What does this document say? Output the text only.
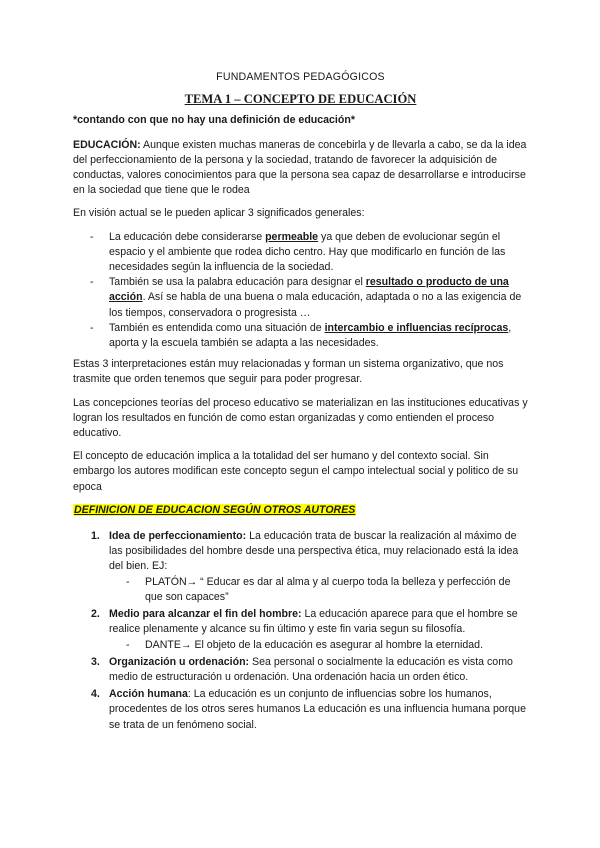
FUNDAMENTOS PEDAGÓGICOS
TEMA 1 – CONCEPTO DE EDUCACIÓN
*contando con que no hay una definición de educación*

EDUCACIÓN: Aunque existen muchas maneras de concebirla y de llevarla a cabo, se da la idea del perfeccionamiento de la persona y la sociedad, tratando de favorecer la adquisición de conductas, valores conocimientos para que la persona sea capaz de desarrollarse e introducirse en la sociedad que tiene que le rodea

En visión actual se le pueden aplicar 3 significados generales:

- La educación debe considerarse permeable ya que deben de evolucionar según el espacio y el ambiente que rodea dicho centro. Hay que modificarlo en función de las necesidades según la influencia de la sociedad.
- También se usa la palabra educación para designar el resultado o producto de una acción. Así se habla de una buena o mala educación, adaptada o no a las exigencia de los tiempos, conservadora o progresista …
- También es entendida como una situación de intercambio e influencias recíprocas, aporta y la escuela también se adapta a las necesidades.

Estas 3 interpretaciones están muy relacionadas y forman un sistema organizativo, que nos trasmite que orden tenemos que seguir para poder progresar.

Las concepciones teorías del proceso educativo se materializan en las instituciones educativas y logran los resultados en función de como estan organizadas y como entienden el proceso educativo.

El concepto de educación implica a la totalidad del ser humano y del contexto social. Sin embargo los autores modifican este concepto segun el campo intelectual social y politico de su epoca

DEFINICION DE EDUCACION SEGÚN OTROS AUTORES
1. Idea de perfeccionamiento: La educación trata de buscar la realización al máximo de las posibilidades del hombre desde una perspectiva ética, muy relacionado está la idea del bien. EJ:
- PLATÓN→ “ Educar es dar al alma y al cuerpo toda la belleza y perfección de que son capaces”
2. Medio para alcanzar el fin del hombre: La educación aparece para que el hombre se realice plenamente y alcance su fin último y este fin varia segun su filosofía.
- DANTE→ El objeto de la educación es asegurar al hombre la eternidad.
3. Organización u ordenación: Sea personal o socialmente la educación es vista como medio de estructuración u ordenación. Una ordenación hacia un orden ético.
4. Acción humana: La educación es un conjunto de influencias sobre los humanos, procedentes de los otros seres humanos La educación es una influencia humana porque se trata de un fenómeno social.
